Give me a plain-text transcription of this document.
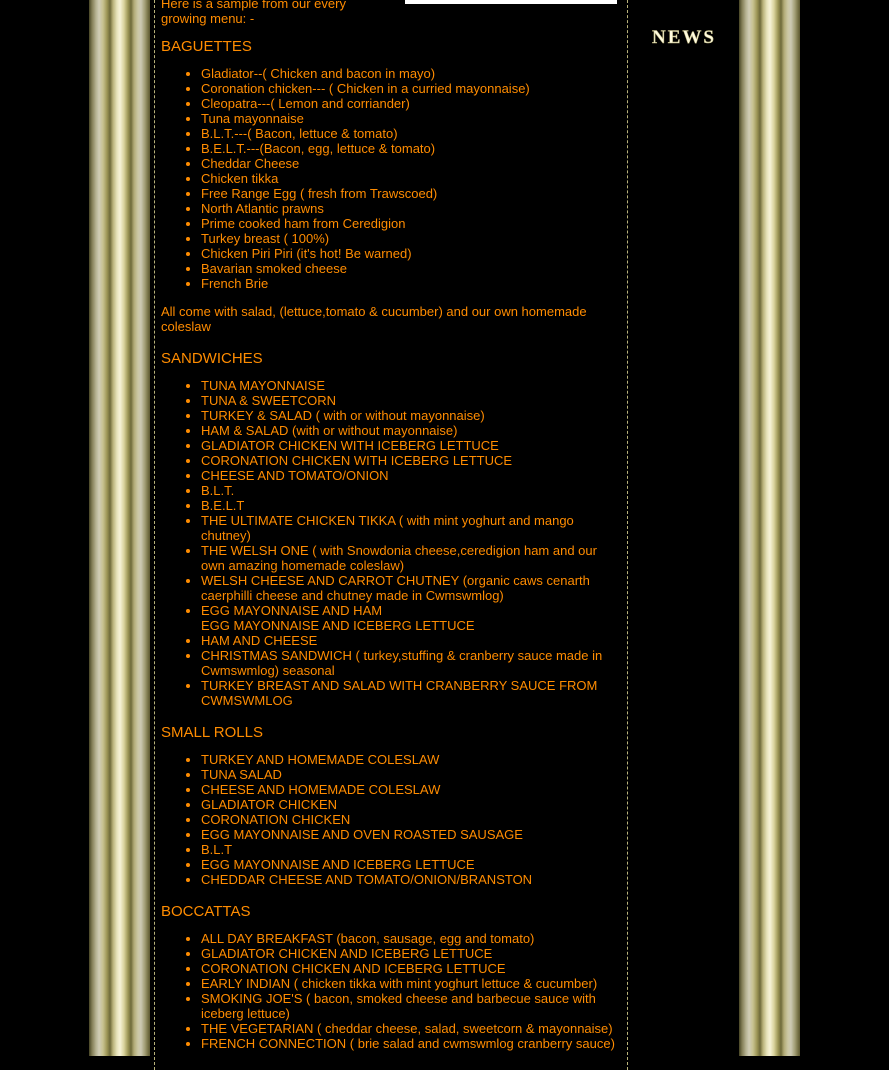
Here is a sample from our every growing menu: -
BAGUETTES
• Gladiator--( Chicken and bacon in mayo)
• Coronation chicken--- ( Chicken in a curried mayonnaise)
• Cleopatra---( Lemon and corriander)
• Tuna mayonnaise
• B.L.T.---( Bacon, lettuce & tomato)
• B.E.L.T.---(Bacon, egg, lettuce & tomato)
• Cheddar Cheese
• Chicken tikka
• Free Range Egg ( fresh from Trawscoed)
• North Atlantic prawns
• Prime cooked ham from Ceredigion
• Turkey breast ( 100%)
• Chicken Piri Piri (it's hot! Be warned)
• Bavarian smoked cheese
• French Brie
All come with salad, (lettuce,tomato & cucumber) and our own homemade coleslaw
SANDWICHES
• TUNA MAYONNAISE
• TUNA & SWEETCORN
• TURKEY & SALAD ( with or without mayonnaise)
• HAM & SALAD (with or without mayonnaise)
• GLADIATOR CHICKEN WITH ICEBERG LETTUCE
• CORONATION CHICKEN WITH ICEBERG LETTUCE
• CHEESE AND TOMATO/ONION
• B.L.T.
• B.E.L.T
• THE ULTIMATE CHICKEN TIKKA ( with mint yoghurt and mango chutney)
• THE WELSH ONE ( with Snowdonia cheese,ceredigion ham and our own amazing homemade coleslaw)
• WELSH CHEESE AND CARROT CHUTNEY (organic caws cenarth caerphilli cheese and chutney made in Cwmswmlog)
• EGG MAYONNAISE AND HAM
EGG MAYONNAISE AND ICEBERG LETTUCE
• HAM AND CHEESE
• CHRISTMAS SANDWICH ( turkey,stuffing & cranberry sauce made in Cwmswmlog) seasonal
• TURKEY BREAST AND SALAD WITH CRANBERRY SAUCE FROM CWMSWMLOG
SMALL ROLLS
• TURKEY AND HOMEMADE COLESLAW
• TUNA SALAD
• CHEESE AND HOMEMADE COLESLAW
• GLADIATOR CHICKEN
• CORONATION CHICKEN
• EGG MAYONNAISE AND OVEN ROASTED SAUSAGE
• B.L.T
• EGG MAYONNAISE AND ICEBERG LETTUCE
• CHEDDAR CHEESE AND TOMATO/ONION/BRANSTON
BOCCATTAS
• ALL DAY BREAKFAST (bacon, sausage, egg and tomato)
• GLADIATOR CHICKEN AND ICEBERG LETTUCE
• CORONATION CHICKEN AND ICEBERG LETTUCE
• EARLY INDIAN ( chicken tikka with mint yoghurt lettuce & cucumber)
• SMOKING JOE'S ( bacon, smoked cheese and barbecue sauce with iceberg lettuce)
• THE VEGETARIAN ( cheddar cheese, salad, sweetcorn & mayonnaise)
• FRENCH CONNECTION ( brie salad and cwmswmlog cranberry sauce)
NEWS
